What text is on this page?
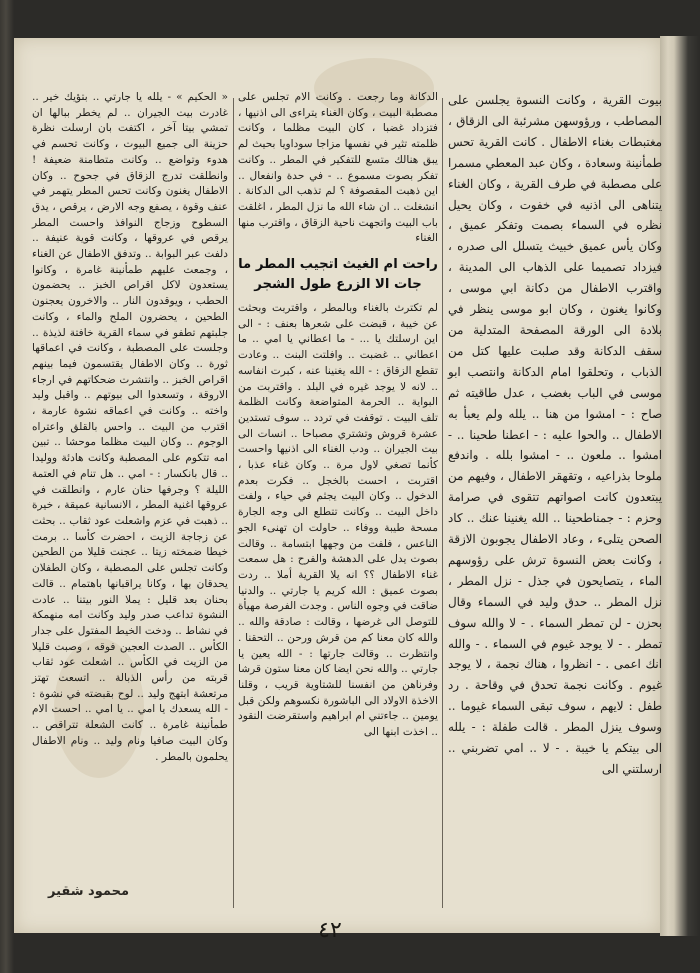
بيوت القرية ، وكانت النسوة يجلسن على المصاطب ، ورؤوسهن مشرئبة الى الزقاق ، مغتبطات بغناء الاطفال . كانت القرية تحس طمأنينة وسعادة ، وكان عبد المعطي مسمرا على مصطبة في طرف القرية ، وكان الغناء يتناهى الى اذنيه في خفوت ، وكان يحيل نظره في السماء بصمت وتفكر عميق ، وكان يأس عميق خبيث يتسلل الى صدره ، فيزداد تصميما على الذهاب الى المدينة ، واقترب الاطفال من دكانة ابي موسى ، وكانوا يغنون ، وكان ابو موسى ينظر في بلادة الى الورقة المصفحة المتدلية من سقف الدكانة وقد صلبت عليها كتل من الذباب ، وتحلقوا امام الدكانة وانتصب ابو موسى في الباب بغضب ، عدل طاقيته ثم صاح : - امشوا من هنا .. يلله ولم يعبأ به الاطفال .. والحوا عليه : - اعطنا طحينا .. - امشوا .. ملعون .. - امشوا بلله . واندفع ملوحا بذراعيه ، وتقهقر الاطفال ، وفيهم من يبتعدون كانت اصواتهم تتقوى في صرامة وحزم : - جمناطحينا .. الله يغنينا عنك .. كاد الصحن يتلىء ، وعاد الاطفال يجوبون الازقة ، وكانت بعض النسوة ترش على رؤوسهم الماء ، يتصايحون في جذل - نزل المطر ، نزل المطر .. حدق وليد في السماء وقال بحزن - لن تمطر السماء . - لا والله سوف تمطر . - لا يوجد غيوم في السماء . - والله انك اعمى . - انظروا ، هناك نجمة ، لا يوجد غيوم . وكانت نجمة تحدق في وقاحة . رد طفل : لايهم ، سوف تبقى السماء غيوما .. وسوف ينزل المطر . قالت طفلة : - يلله الى بيتكم يا خيبة . - لا .. امي تضربني .. ارسلتني الى

الدكانة وما رجعت . وكانت الام تجلس على مصطبة البيت ، وكان الغناء يتراءى الى اذنيها ، فتزداد غضبا ، كان البيت مظلما ، وكانت ظلمته تثير في نفسها مزاجا سوداويا بحيث لم يبق هنالك متسع للتفكير في المطر .. وكانت تفكر بصوت مسموع .. - في حدة وانفعال .. اين ذهبت المقصوفة ؟ لم تذهب الى الدكانة . انشغلت .. ان شاء الله ما نزل المطر ، اغلقت باب البيت واتجهت ناحية الزقاق ، واقترب منها الغناء

راحت ام الغيث اتجيب المطر ما جات الا الزرع طول الشجر

لم تكترث بالغناء وبالمطر ، واقتربت وبحثت عن خيبة ، قبضت على شعرها بعنف : - الى اين ارسلتك يا ... - ما اعطاني يا امي .. ما اعطاني .. غضبت .. وافلتت البنت .. وعادت تقطع الزقاق : - الله يغنينا عنه ، كبرت انفاسه .. لانه لا يوجد غيره في البلد . واقتربت من البواية .. الحرمة المتواضعة وكانت الظلمة تلف البيت . توقفت في تردد .. سوف تستدين عشرة قروش وتشتري مصباحا .. انسات الى بيت الجيران .. ودب الغناء الى اذنيها واحست كأنما تصغي لاول مرة .. وكان غناء عذبا ، اقتربت ، احست بالخجل .. فكرت بعدم الدخول .. وكان البيت يجثم في حياء ، ولفت داخل البيت .. وكانت تتطلع الى وجه الجارة مسحة طيبة ووفاء .. حاولت ان تهنىء الجو الناعس ، فلفت من وجهها ابتسامة .. وقالت بصوت يدل على الدهشة والفرح : هل سمعت غناء الاطفال ؟؟ انه يلا القرية أملا .. ردت بصوت عميق : الله كريم يا جارتي .. والدنيا ضاقت في وجوه الناس . وجدت الفرصة مهيأة للتوصل الى غرضها ، وقالت : صادقة والله .. والله كان معنا كم من قرش ورحن .. التحقنا . وانتظرت .. وقالت جارتها : - الله يعين يا جارتي .. والله نحن ايضا كان معنا ستون قرشا وفرناهن من انفسنا للشتاوية قريب ، وقلنا الاخذة الاولاد الى الباشورة نكسوهم ولكن قبل يومين .. جاءتني ام ابراهيم واستقرضت النقود .. اخذت ابنها الى

« الحكيم » - يلله يا جارتي .. بتؤيك خير .. غادرت بيت الجيران .. لم يخطر ببالها ان تمشي بيتا آخر ، اكتفت بان ارسلت نظرة حزينة الى جميع البيوت ، وكانت تحسم في هدوء وتواضع .. وكانت متطامنة ضعيفة ! وانطلقت تدرج الزقاق في جحوح .. وكان الاطفال يغنون وكانت تحس المطر يتهمر في عنف وقوة ، يصفع وجه الارض ، يرقص ، يدق السطوح وزجاج النوافذ واحست المطر يرقص في عروقها ، وكانت قوية عنيفة .. دلفت عبر البوابة .. وتدفق الاطفال عن الغناء ، وجمعت عليهم طمأنينة غامرة ، وكانوا يستعدون لاكل اقراص الخبز .. يحضمون الحطب ، ويوقدون النار .. والاخرون يعجنون الطحين ، يحضرون الملح والماء ، وكانت جلبتهم تطفو في سماء القرية خافتة لذيذة .. وجلست على المصطبة ، وكانت في اعماقها ثورة .. وكان الاطفال يقتسمون فيما بينهم اقراص الخبز .. وانتشرت ضحكاتهم في ارجاء الاروقة ، وتسعدوا الى بيوتهم .. واقبل وليد واخته .. وكانت في اعماقه نشوة عارمة ، اقترب من البيت .. واحس بالقلق واعتراه الوجوم .. وكان البيت مظلما موحشا .. تبين امه تتكوم على المصطبة وكانت هادئة ووليدا .. قال بانكسار : - امي .. هل تنام في العتمة الليلة ؟ وجرفها حنان عارم ، وانطلقت في عروقها اغنية المطر ، الانسانية عميقة ، خيرة .. ذهبت في عزم واشعلت عود ثقاب .. بحثت عن زجاجة الزيت ، احضرت كأسا .. برمت خيطا ضمخته زيتا .. عجنت قليلا من الطحين وكانت تجلس على المصطبة ، وكان الطفلان يحدقان بها ، وكانا يراقبانها باهتمام .. قالت بحنان بعد قليل : يملا النور بيتنا .. عادت النشوة تداعب صدر وليد وكانت امه منهمكة في نشاط .. ودخت الخيط المفتول على جدار الكأس .. الصدت العجين فوقه ، وصبت قليلا من الزيت في الكأس .. اشعلت عود ثقاب قربته من رأس الذبالة .. اتسعت تهتز مرتعشة ابتهج وليد .. لوح بقبضته في نشوة : - الله يسعدك يا امي .. يا امي .. احست الام طمأنينة غامرة .. كانت الشعلة تتراقص .. وكان البيت صافيا ونام وليد .. ونام الاطفال يحلمون بالمطر .

محمود شقير
٤٢
